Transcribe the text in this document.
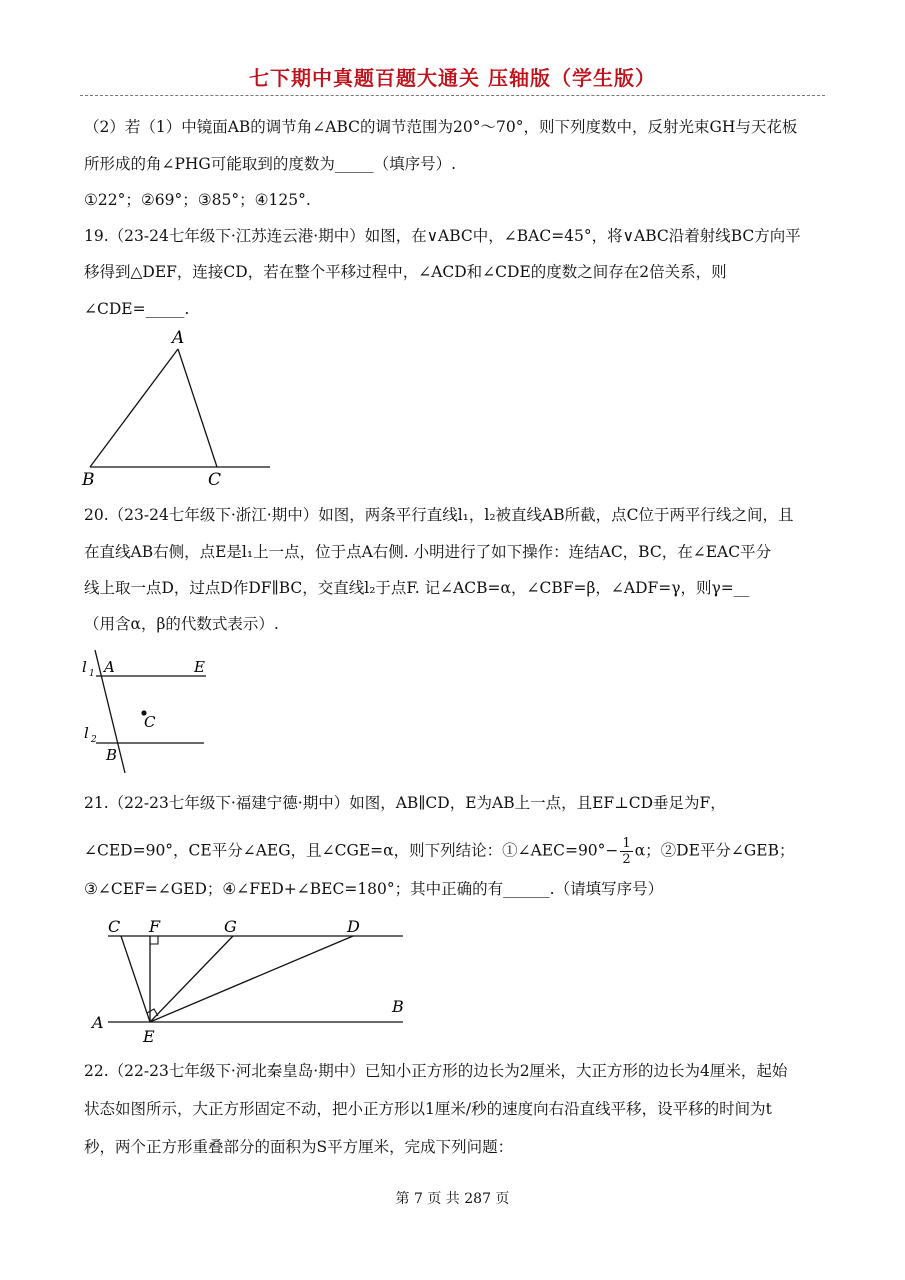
七下期中真题百题大通关 压轴版（学生版）
（2）若（1）中镜面AB的调节角∠ABC的调节范围为20°～70°，则下列度数中，反射光束GH与天花板
所形成的角∠PHG可能取到的度数为_____（填序号）.
①22°；②69°；③85°；④125°.
19.（23-24七年级下·江苏连云港·期中）如图，在∨ABC中，∠BAC=45°，将∨ABC沿着射线BC方向平
移得到△DEF，连接CD，若在整个平移过程中，∠ACD和∠CDE的度数之间存在2倍关系，则
∠CDE=_____.
A
B	C
20.（23-24七年级下·浙江·期中）如图，两条平行直线l₁，l₂被直线AB所截，点C位于两平行线之间，且
在直线AB右侧，点E是l₁上一点，位于点A右侧. 小明进行了如下操作：连结AC，BC，在∠EAC平分
线上取一点D，过点D作DF∥BC，交直线l₂于点F. 记∠ACB=α，∠CBF=β，∠ADF=γ，则γ=__
（用含α，β的代数式表示）.
l 1 A	E
C
l 2
B
21.（22-23七年级下·福建宁德·期中）如图，AB∥CD，E为AB上一点，且EF⊥CD垂足为F，
∠CED=90°，CE平分∠AEG，且∠CGE=α，则下列结论：①∠AEC=90°− $\frac{1}{2}$ α；②DE平分∠GEB；
③∠CEF=∠GED；④∠FED+∠BEC=180°；其中正确的有______.（请填写序号）
C F	G	D
A
E
B
22.（22-23七年级下·河北秦皇岛·期中）已知小正方形的边长为2厘米，大正方形的边长为4厘米，起始
状态如图所示，大正方形固定不动，把小正方形以1厘米/秒的速度向右沿直线平移，设平移的时间为t
秒，两个正方形重叠部分的面积为S平方厘米，完成下列问题：
第 7 页 共 287 页
